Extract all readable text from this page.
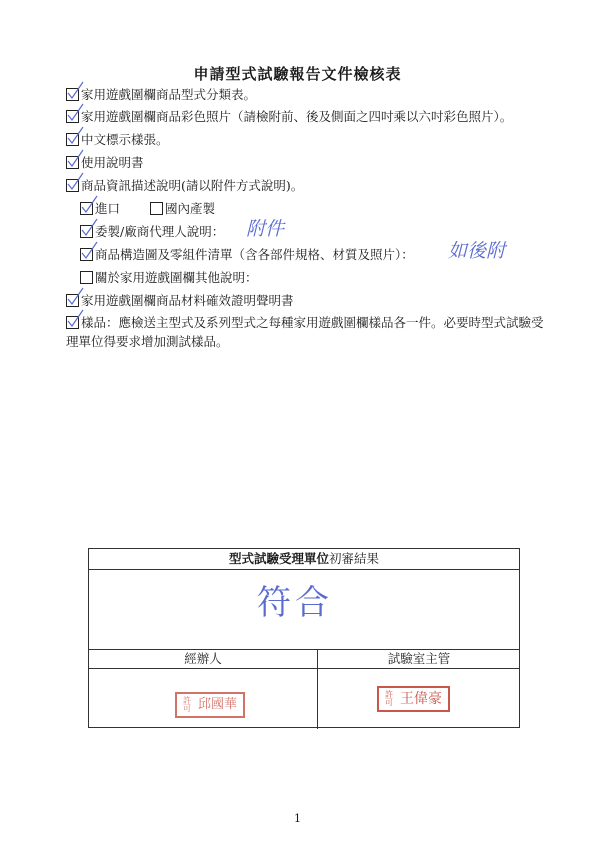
申請型式試驗報告文件檢核表
家用遊戲圍欄商品型式分類表。
家用遊戲圍欄商品彩色照片（請檢附前、後及側面之四吋乘以六吋彩色照片）。
中文標示樣張。
使用說明書
商品資訊描述說明(請以附件方式說明)。
進口	國內產製
委製/廠商代理人說明： 附件
商品構造圖及零組件清單（含各部件規格、材質及照片）： 如後附
關於家用遊戲圍欄其他說明：
家用遊戲圍欄商品材料確效證明聲明書
樣品：應檢送主型式及系列型式之每種家用遊戲圍欄樣品各一件。必要時型式試驗受理單位得要求增加測試樣品。
型式試驗受理單位初審結果
符合
經辦人	試驗室主管
許可 邱國華
許可 王偉豪
1
